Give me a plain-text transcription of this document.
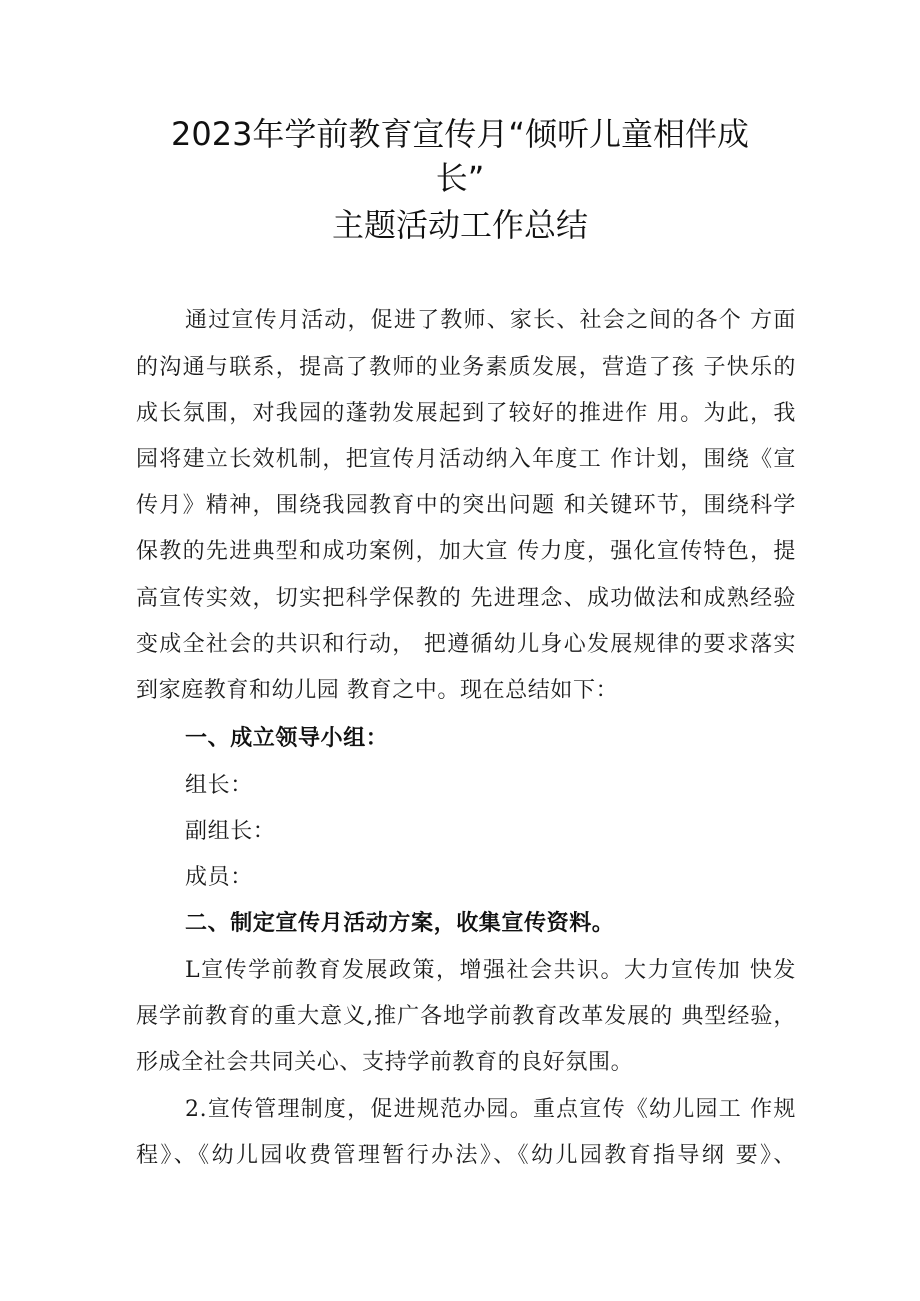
2023年学前教育宣传月“倾听儿童相伴成
长”
主题活动工作总结
通过宣传月活动，促进了教师、家长、社会之间的各个 方面
的沟通与联系，提高了教师的业务素质发展，营造了孩 子快乐的
成长氛围，对我园的蓬勃发展起到了较好的推进作 用。为此，我
园将建立长效机制，把宣传月活动纳入年度工 作计划，围绕《宣
传月》精神，围绕我园教育中的突出问题 和关键环节，围绕科学
保教的先进典型和成功案例，加大宣 传力度，强化宣传特色，提
高宣传实效，切实把科学保教的 先进理念、成功做法和成熟经验
变成全社会的共识和行动， 把遵循幼儿身心发展规律的要求落实
到家庭教育和幼儿园 教育之中。现在总结如下：
一、成立领导小组：
组长：
副组长：
成员：
二、制定宣传月活动方案，收集宣传资料。
L宣传学前教育发展政策，增强社会共识。大力宣传加 快发
展学前教育的重大意义,推广各地学前教育改革发展的 典型经验，
形成全社会共同关心、支持学前教育的良好氛围。
2.宣传管理制度，促进规范办园。重点宣传《幼儿园工 作规
程》、《幼儿园收费管理暂行办法》、《幼儿园教育指导纲 要》、
